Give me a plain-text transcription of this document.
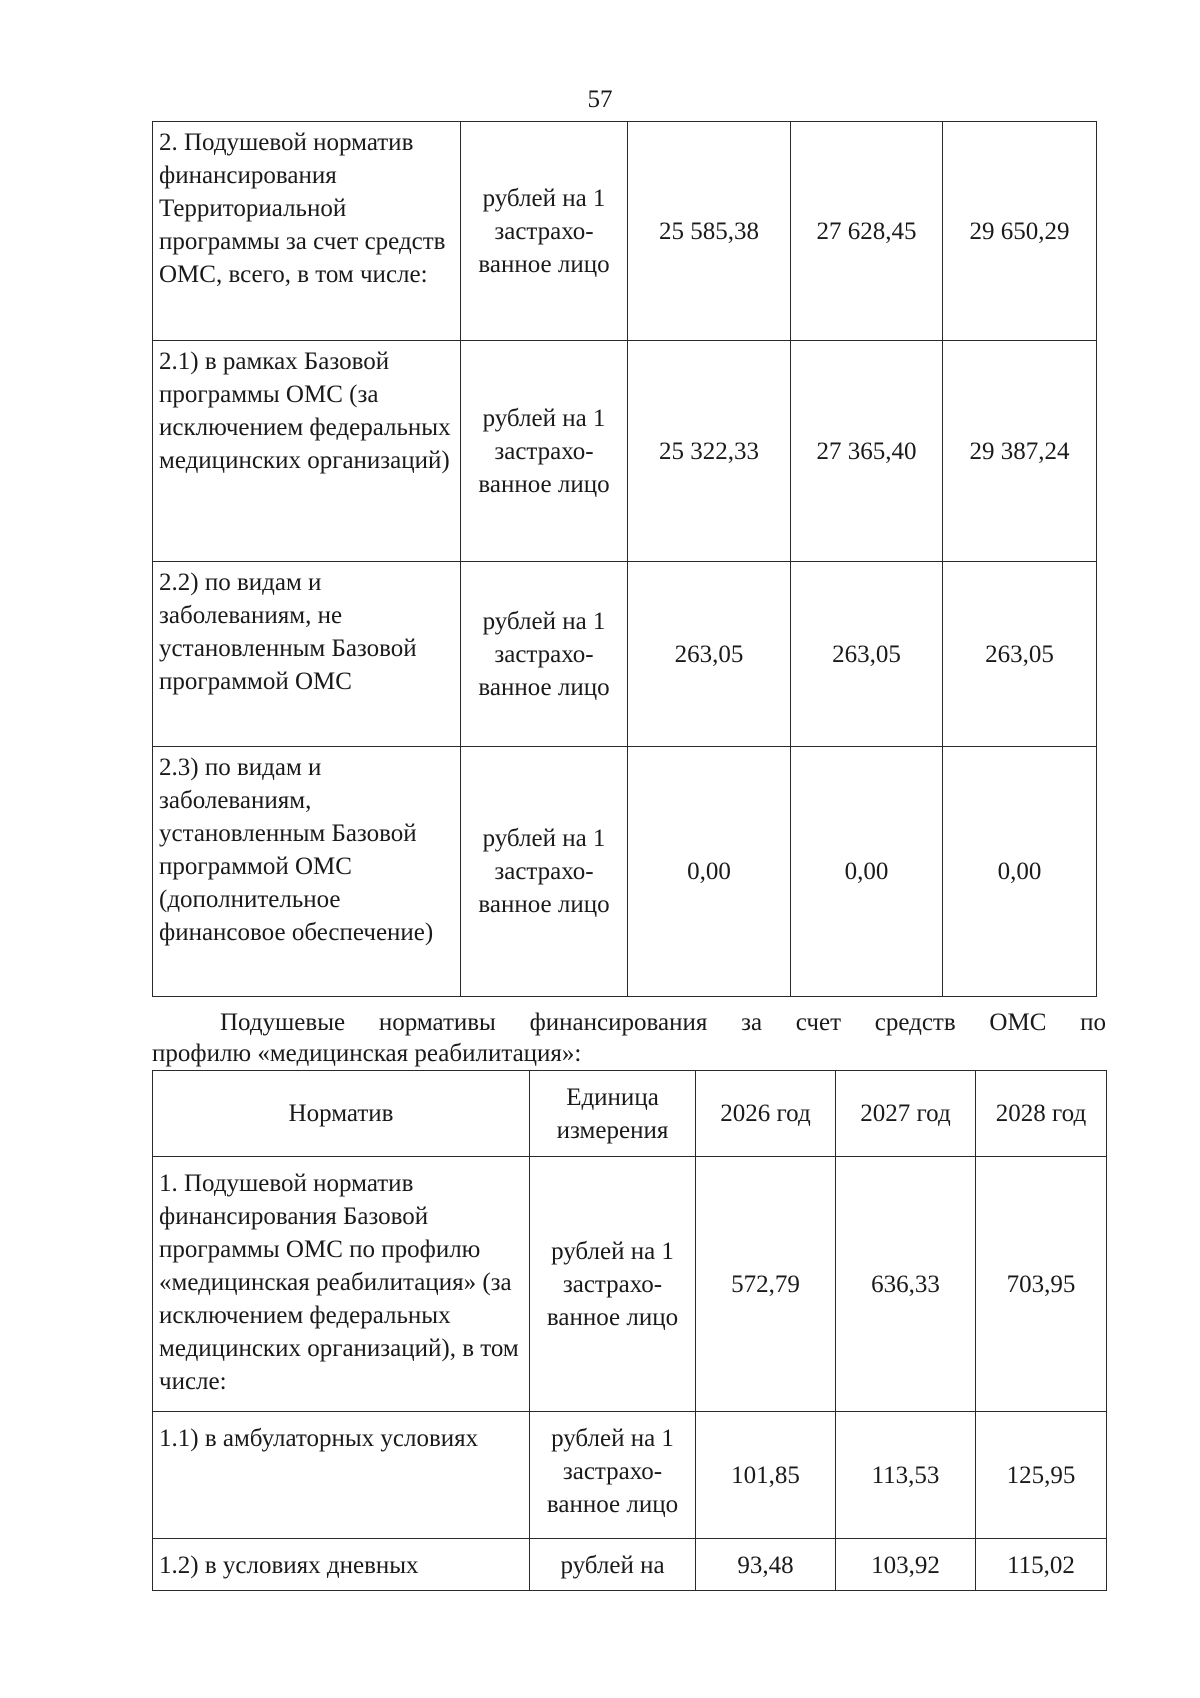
57
2. Подушевой норматив финансирования Территориальной программы за счет средств ОМС, всего, в том числе:	рублей на 1 застрахо-ванное лицо	25 585,38	27 628,45	29 650,29
2.1) в рамках Базовой программы ОМС (за исключением федеральных медицинских организаций)	рублей на 1 застрахо-ванное лицо	25 322,33	27 365,40	29 387,24
2.2) по видам и заболеваниям, не установленным Базовой программой ОМС	рублей на 1 застрахо-ванное лицо	263,05	263,05	263,05
2.3) по видам и заболеваниям, установленным Базовой программой ОМС (дополнительное финансовое обеспечение)	рублей на 1 застрахо-ванное лицо	0,00	0,00	0,00
Подушевые нормативы финансирования за счет средств ОМС по
профилю «медицинская реабилитация»:
Норматив	Единица измерения	2026 год	2027 год	2028 год
1. Подушевой норматив финансирования Базовой программы ОМС по профилю «медицинская реабилитация» (за исключением федеральных медицинских организаций), в том числе:	рублей на 1 застрахо-ванное лицо	572,79	636,33	703,95
1.1) в амбулаторных условиях	рублей на 1 застрахо-ванное лицо	101,85	113,53	125,95
1.2) в условиях дневных	рублей на	93,48	103,92	115,02
